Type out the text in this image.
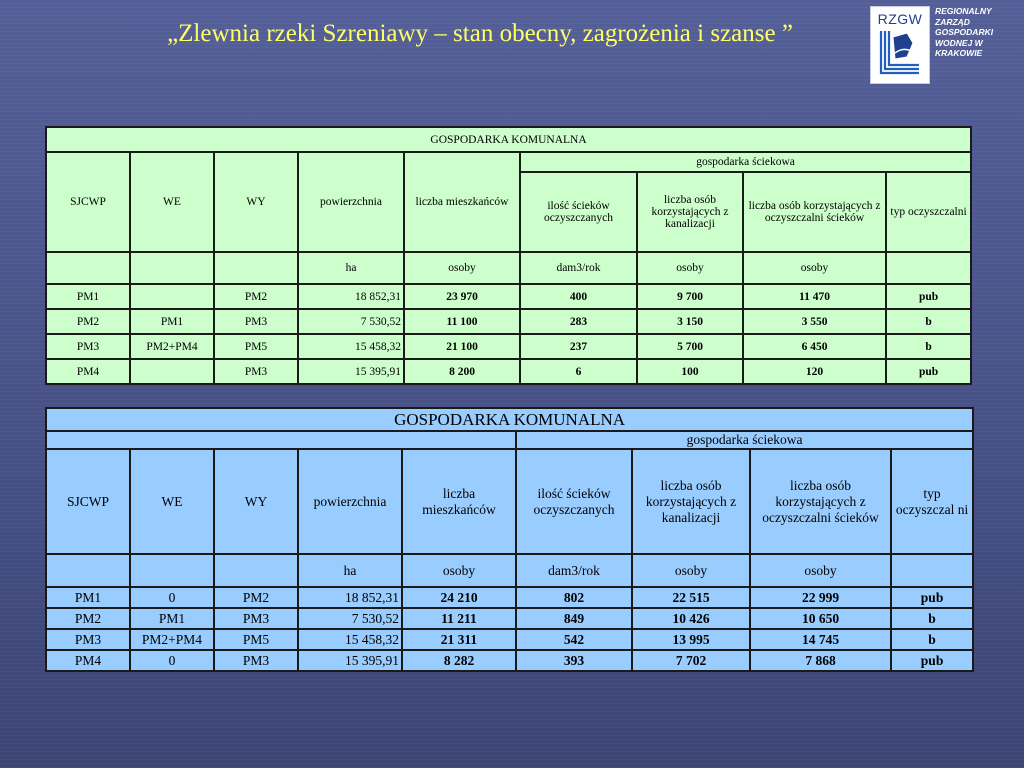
„Zlewnia rzeki Szreniawy – stan obecny, zagrożenia i szanse ”
RZGW	REGIONALNY
ZARZĄD
GOSPODARKI
WODNEJ W
KRAKOWIE
GOSPODARKA KOMUNALNA								
SJCWP	WE	WY	powierzchnia	liczba mieszkańców	gospodarka ściekowa			
					ilość ścieków oczyszczanych	liczba osób korzystających z kanalizacji	liczba osób korzystających z oczyszczalni ścieków	typ oczyszczalni
			ha	osoby	dam3/rok	osoby	osoby	
PM1		PM2	18 852,31	23 970	400	9 700	11 470	pub
PM2	PM1	PM3	7 530,52	11 100	283	3 150	3 550	b
PM3	PM2+PM4	PM5	15 458,32	21 100	237	5 700	6 450	b
PM4		PM3	15 395,91	8 200	6	100	120	pub
GOSPODARKA KOMUNALNA								
					gospodarka ściekowa			
SJCWP	WE	WY	powierzchnia	liczba mieszkańców	ilość ścieków oczyszczanych	liczba osób korzystających z kanalizacji	liczba osób korzystających z oczyszczalni ścieków	typ oczyszczal ni
			ha	osoby	dam3/rok	osoby	osoby	
PM1	0	PM2	18 852,31	24 210	802	22 515	22 999	pub
PM2	PM1	PM3	7 530,52	11 211	849	10 426	10 650	b
PM3	PM2+PM4	PM5	15 458,32	21 311	542	13 995	14 745	b
PM4	0	PM3	15 395,91	8 282	393	7 702	7 868	pub
